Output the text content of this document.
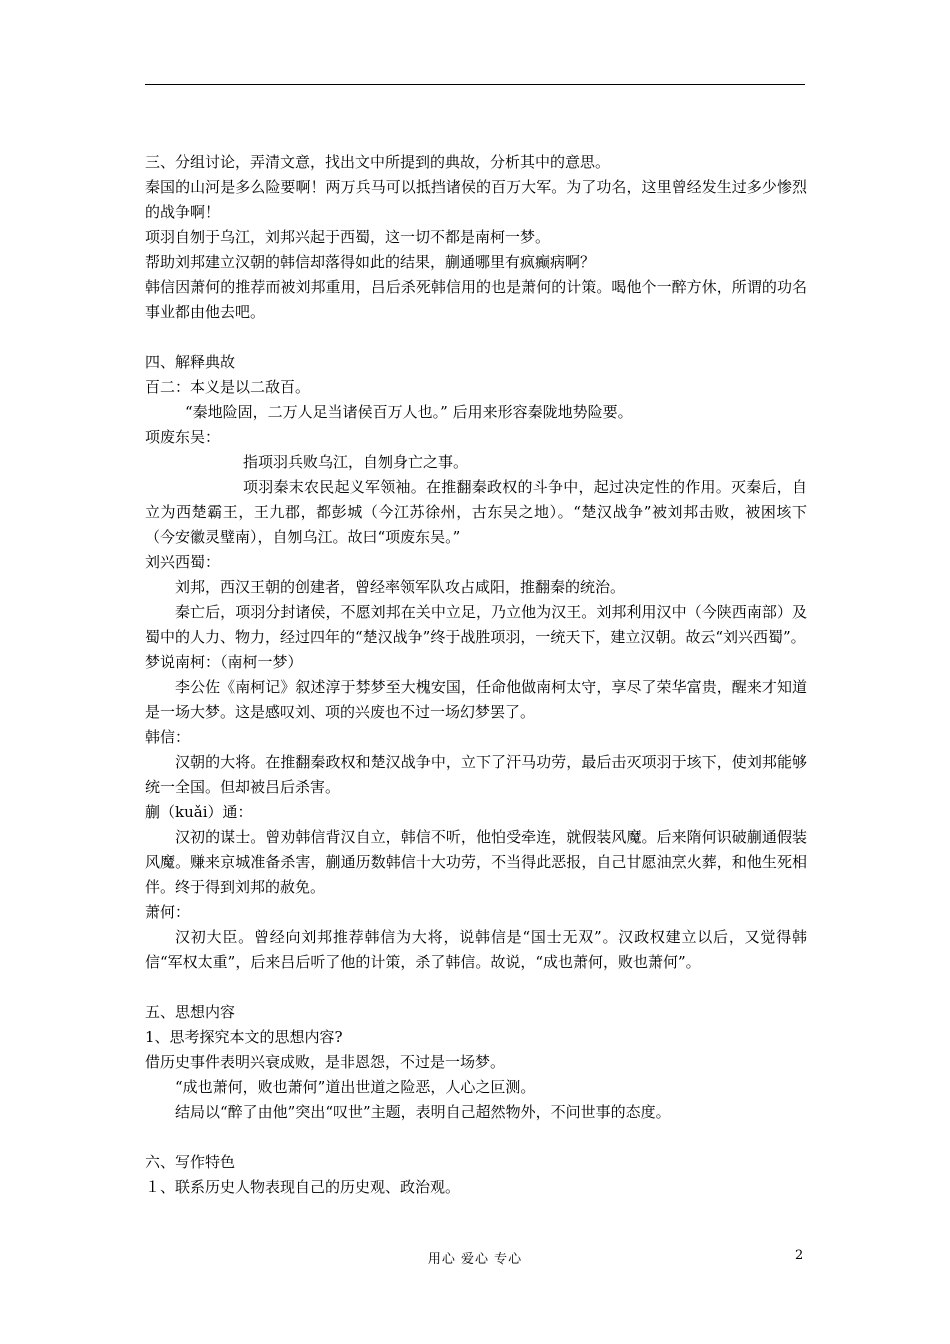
三、分组讨论，弄清文意，找出文中所提到的典故，分析其中的意思。
秦国的山河是多么险要啊！两万兵马可以抵挡诸侯的百万大军。为了功名，这里曾经发生过多少惨烈的战争啊！
项羽自刎于乌江，刘邦兴起于西蜀，这一切不都是南柯一梦。
帮助刘邦建立汉朝的韩信却落得如此的结果，蒯通哪里有疯癫病啊？
韩信因萧何的推荐而被刘邦重用，吕后杀死韩信用的也是萧何的计策。喝他个一醉方休，所谓的功名事业都由他去吧。
四、解释典故
百二：本义是以二敌百。
“秦地险固，二万人足当诸侯百万人也。” 后用来形容秦陇地势险要。
项废东吴：
指项羽兵败乌江，自刎身亡之事。
项羽秦末农民起义军领袖。在推翻秦政权的斗争中，起过决定性的作用。灭秦后，自立为西楚霸王，王九郡，都彭城（今江苏徐州，古东吴之地）。“楚汉战争”被刘邦击败，被困垓下（今安徽灵璧南），自刎乌江。故曰“项废东吴。”
刘兴西蜀：
刘邦，西汉王朝的创建者，曾经率领军队攻占咸阳，推翻秦的统治。
秦亡后，项羽分封诸侯，不愿刘邦在关中立足，乃立他为汉王。刘邦利用汉中（今陕西南部）及蜀中的人力、物力，经过四年的“楚汉战争”终于战胜项羽，一统天下，建立汉朝。故云“刘兴西蜀”。
梦说南柯：（南柯一梦）
李公佐《南柯记》叙述淳于棼梦至大槐安国，任命他做南柯太守，享尽了荣华富贵，醒来才知道是一场大梦。这是感叹刘、项的兴废也不过一场幻梦罢了。
韩信：
汉朝的大将。在推翻秦政权和楚汉战争中，立下了汗马功劳，最后击灭项羽于垓下，使刘邦能够统一全国。但却被吕后杀害。
蒯（kuǎi）通：
汉初的谋士。曾劝韩信背汉自立，韩信不听，他怕受牵连，就假装风魔。后来隋何识破蒯通假装风魔。赚来京城准备杀害，蒯通历数韩信十大功劳，不当得此恶报，自己甘愿油烹火葬，和他生死相伴。终于得到刘邦的赦免。
萧何：
汉初大臣。曾经向刘邦推荐韩信为大将，说韩信是“国士无双”。汉政权建立以后，又觉得韩信“军权太重”，后来吕后听了他的计策，杀了韩信。故说，“成也萧何，败也萧何”。
五、思想内容
1、思考探究本文的思想内容?
借历史事件表明兴衰成败，是非恩怨，不过是一场梦。
“成也萧何，败也萧何”道出世道之险恶，人心之叵测。
结局以“醉了由他”突出“叹世”主题，表明自己超然物外，不问世事的态度。
六、写作特色
１、联系历史人物表现自己的历史观、政治观。
用心 爱心 专心	2
